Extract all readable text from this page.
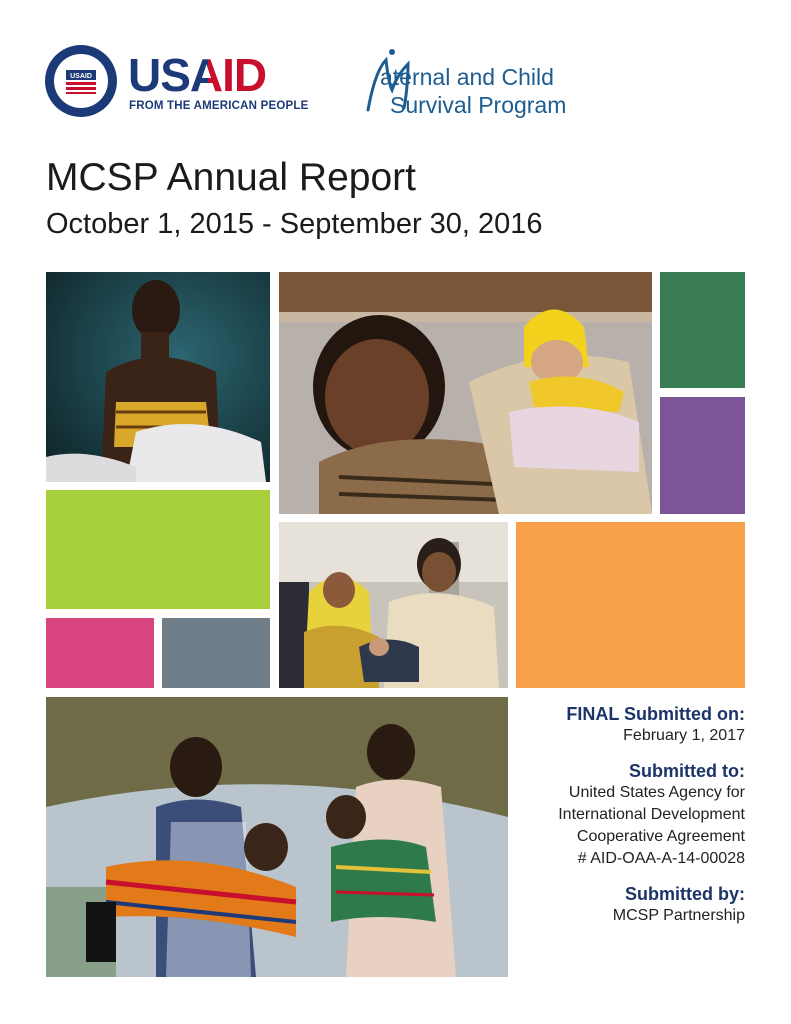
USAID USAID
FROM THE AMERICAN PEOPLE
aternal and Child
Survival Program
MCSP Annual Report
October 1, 2015 - September 30, 2016
FINAL Submitted on:
February 1, 2017
Submitted to:
United States Agency for
International Development
Cooperative Agreement
# AID-OAA-A-14-00028
Submitted by:
MCSP Partnership
